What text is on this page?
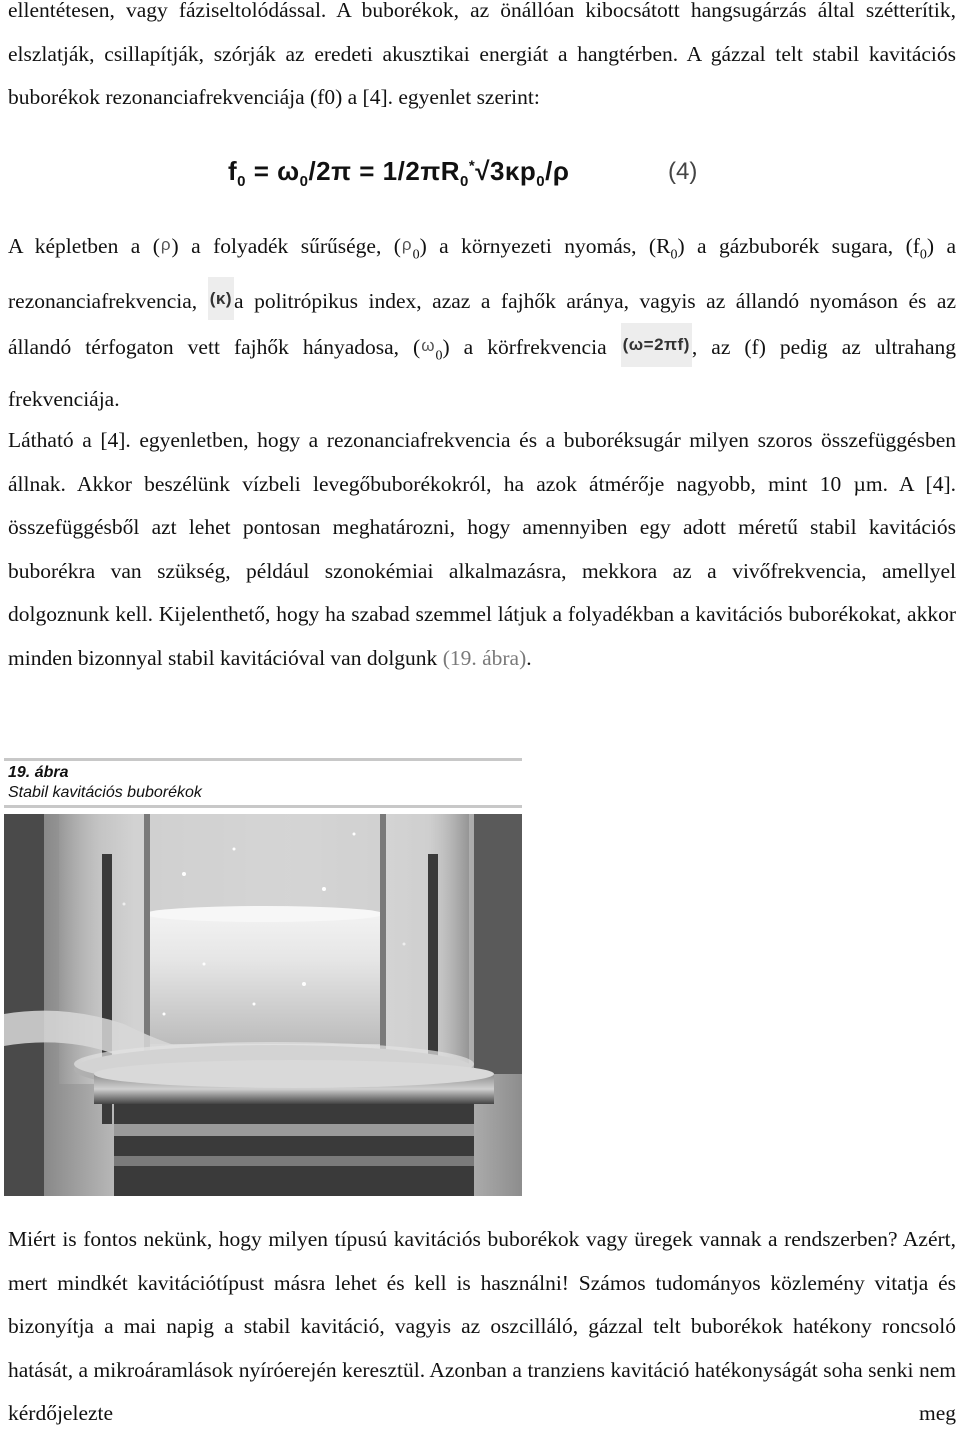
ellentétesen, vagy fáziseltolódással. A buborékok, az önállóan kibocsátott hangsugárzás által szétterítik, elszlatják, csillapítják, szórják az eredeti akusztikai energiát a hangtérben. A gázzal telt stabil kavitációs buborékok rezonanciafrekvenciája (f0) a [4]. egyenlet szerint:
$f_0 = \omega_0/2\pi = 1/2\pi R_0^*√3\kappa p_0/\rho$	(4)
A képletben a (ρ) a folyadék sűrűsége, $(\rho_0)$ a környezeti nyomás, $(R_0)$ a gázbuborék sugara, $(f_0)$ a rezonanciafrekvencia, (κ)a politrópikus index, azaz a fajhők aránya, vagyis az állandó nyomáson és az állandó térfogaton vett fajhők hányadosa, $(\omega_0)$ a körfrekvencia (ω=2πf), az (f) pedig az ultrahang frekvenciája.
Látható a [4]. egyenletben, hogy a rezonanciafrekvencia és a buboréksugár milyen szoros összefüggésben állnak. Akkor beszélünk vízbeli levegőbuborékokról, ha azok átmérője nagyobb, mint 10 µm. A [4]. összefüggésből azt lehet pontosan meghatározni, hogy amennyiben egy adott méretű stabil kavitációs buborékra van szükség, például szonokémiai alkalmazásra, mekkora az a vivőfrekvencia, amellyel dolgoznunk kell. Kijelenthető, hogy ha szabad szemmel látjuk a folyadékban a kavitációs buborékokat, akkor minden bizonnyal stabil kavitációval van dolgunk (19. ábra).
19. ábra
Stabil kavitációs buborékok
Miért is fontos nekünk, hogy milyen típusú kavitációs buborékok vagy üregek vannak a rendszerben? Azért, mert mindkét kavitációtípust másra lehet és kell is használni! Számos tudományos közlemény vitatja és bizonyítja a mai napig a stabil kavitáció, vagyis az oszcilláló, gázzal telt buborékok hatékony roncsoló hatását, a mikroáramlások nyíróerején keresztül. Azonban a tranziens kavitáció hatékonyságát soha senki nem kérdőjelezte meg
